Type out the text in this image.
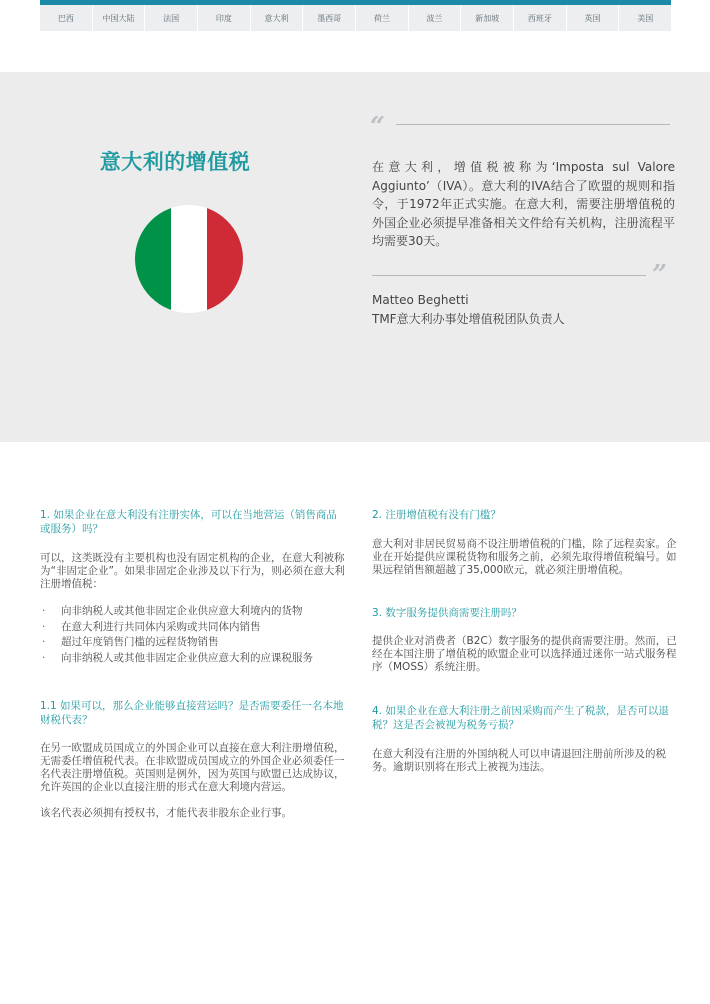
巴西	中国大陆	法国	印度	意大利	墨西哥	荷兰	波兰	新加坡	西班牙	英国	美国
意大利的增值税
“

在意大利，增值税被称为‘Imposta sul Valore Aggiunto’（IVA）。意大利的IVA结合了欧盟的规则和指令，于1972年正式实施。在意大利，需要注册增值税的外国企业必须提早准备相关文件给有关机构，注册流程平均需要30天。

”
Matteo Beghetti
TMF意大利办事处增值税团队负责人

1. 如果企业在意大利没有注册实体，可以在当地营运（销售商品或服务）吗？

可以，这类既没有主要机构也没有固定机构的企业，在意大利被称为“非固定企业”。如果非固定企业涉及以下行为，则必须在意大利注册增值税：

· 向非纳税人或其他非固定企业供应意大利境内的货物
· 在意大利进行共同体内采购或共同体内销售
· 超过年度销售门槛的远程货物销售
· 向非纳税人或其他非固定企业供应意大利的应课税服务

1.1 如果可以，那么企业能够直接营运吗？是否需要委任一名本地财税代表？

在另一欧盟成员国成立的外国企业可以直接在意大利注册增值税，无需委任增值税代表。在非欧盟成员国成立的外国企业必须委任一名代表注册增值税。英国则是例外，因为英国与欧盟已达成协议，允许英国的企业以直接注册的形式在意大利境内营运。

该名代表必须拥有授权书，才能代表非股东企业行事。

2. 注册增值税有没有门槛？

意大利对非居民贸易商不设注册增值税的门槛，除了远程卖家。企业在开始提供应课税货物和服务之前，必须先取得增值税编号。如果远程销售额超越了35,000欧元，就必须注册增值税。

3. 数字服务提供商需要注册吗？

提供企业对消费者（B2C）数字服务的提供商需要注册。然而，已经在本国注册了增值税的欧盟企业可以选择通过迷你一站式服务程序（MOSS）系统注册。

4. 如果企业在意大利注册之前因采购而产生了税款，是否可以退税？这是否会被视为税务亏损？

在意大利没有注册的外国纳税人可以申请退回注册前所涉及的税务。逾期识别将在形式上被视为违法。
